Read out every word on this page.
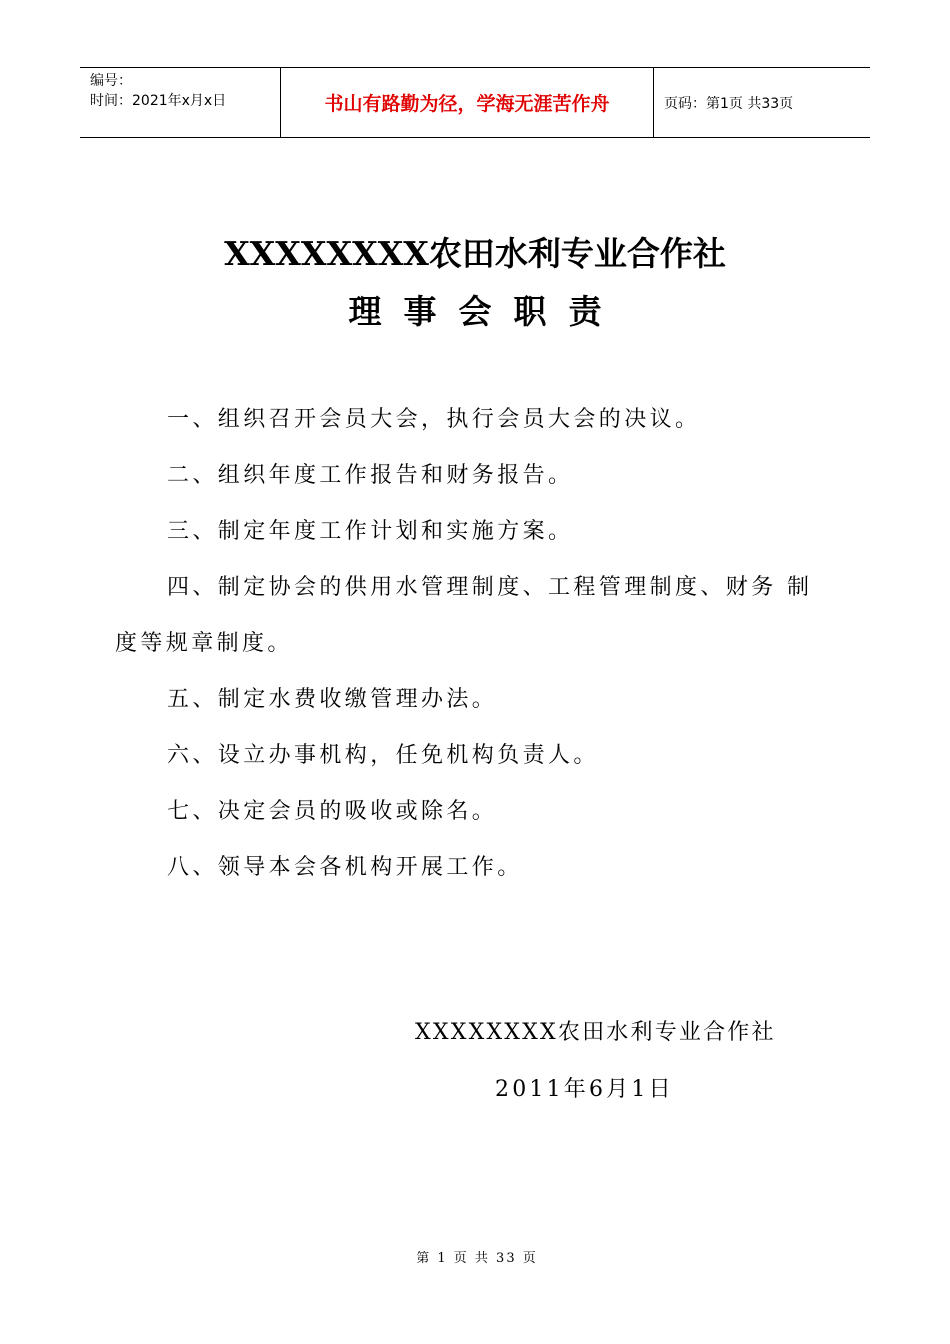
编号：
时间：2021年x月x日	书山有路勤为径，学海无涯苦作舟	页码：第1页 共33页
XXXXXXXX农田水利专业合作社
理事会职责
一、组织召开会员大会，执行会员大会的决议。
二、组织年度工作报告和财务报告。
三、制定年度工作计划和实施方案。
四、制定协会的供用水管理制度、工程管理制度、财务 制
度等规章制度。
五、制定水费收缴管理办法。
六、设立办事机构，任免机构负责人。
七、决定会员的吸收或除名。
八、领导本会各机构开展工作。
XXXXXXXX农田水利专业合作社
2011年6月1日
第 1 页 共 33 页
